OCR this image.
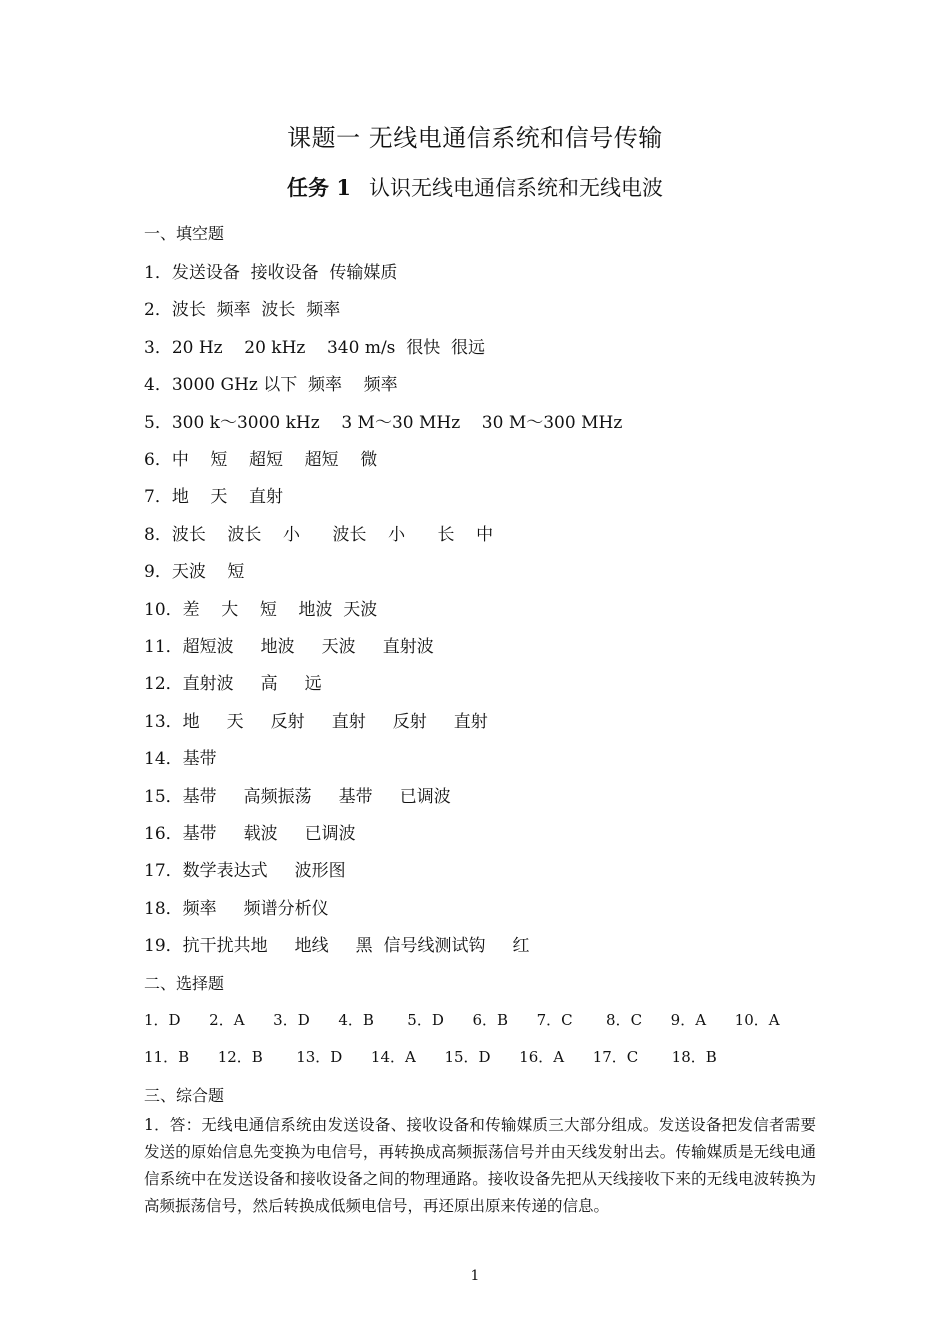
课题一 无线电通信系统和信号传输
任务 1 认识无线电通信系统和无线电波
一、填空题
1．发送设备  接收设备  传输媒质
2．波长  频率  波长  频率
3．20 Hz    20 kHz    340 m/s  很快  很远
4．3000 GHz 以下  频率    频率
5．300 k～3000 kHz    3 M～30 MHz    30 M～300 MHz
6．中    短    超短    超短    微
7．地    天    直射
8．波长    波长    小      波长    小      长    中
9．天波    短
10．差    大    短    地波  天波
11．超短波     地波     天波     直射波
12．直射波     高     远
13．地     天     反射     直射     反射     直射
14．基带
15．基带     高频振荡     基带     已调波
16．基带     载波     已调波
17．数学表达式     波形图
18．频率     频谱分析仪
19．抗干扰共地     地线     黑  信号线测试钩     红
二、选择题
1．D      2．A      3．D      4．B       5．D      6．B      7．C       8．C      9．A      10．A
11．B      12．B       13．D      14．A      15．D      16．A      17．C       18．B
三、综合题
1．答：无线电通信系统由发送设备、接收设备和传输媒质三大部分组成。发送设备把发信者需要发送的原始信息先变换为电信号，再转换成高频振荡信号并由天线发射出去。传输媒质是无线电通信系统中在发送设备和接收设备之间的物理通路。接收设备先把从天线接收下来的无线电波转换为高频振荡信号，然后转换成低频电信号，再还原出原来传递的信息。
1
